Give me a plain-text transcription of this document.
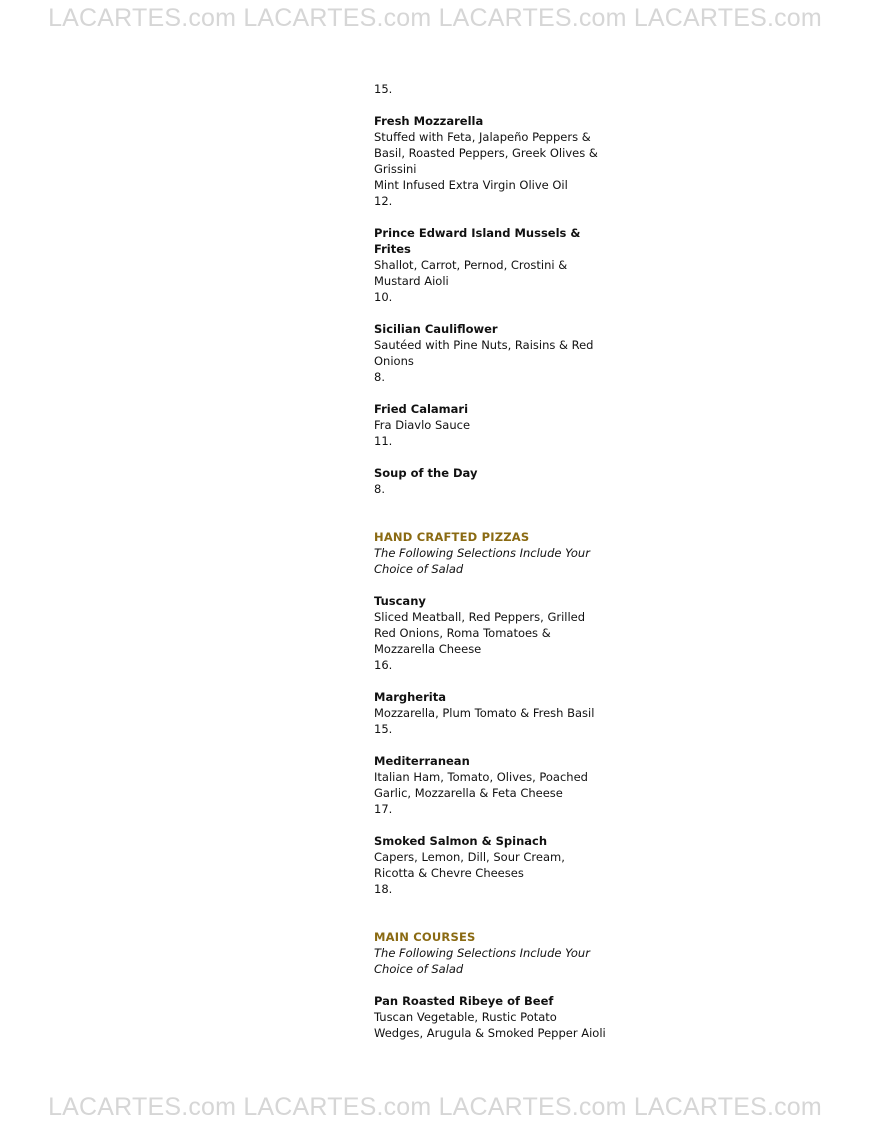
LACARTES.com LACARTES.com LACARTES.com LACARTES.com
15.
Fresh Mozzarella
Stuffed with Feta, Jalapeño Peppers &
Basil, Roasted Peppers, Greek Olives &
Grissini
Mint Infused Extra Virgin Olive Oil
12.
Prince Edward Island Mussels &
Frites
Shallot, Carrot, Pernod, Crostini &
Mustard Aioli
10.
Sicilian Cauliflower
Sautéed with Pine Nuts, Raisins & Red
Onions
8.
Fried Calamari
Fra Diavlo Sauce
11.
Soup of the Day
8.
HAND CRAFTED PIZZAS
The Following Selections Include Your
Choice of Salad
Tuscany
Sliced Meatball, Red Peppers, Grilled
Red Onions, Roma Tomatoes &
Mozzarella Cheese
16.
Margherita
Mozzarella, Plum Tomato & Fresh Basil
15.
Mediterranean
Italian Ham, Tomato, Olives, Poached
Garlic, Mozzarella & Feta Cheese
17.
Smoked Salmon & Spinach
Capers, Lemon, Dill, Sour Cream,
Ricotta & Chevre Cheeses
18.
MAIN COURSES
The Following Selections Include Your
Choice of Salad
Pan Roasted Ribeye of Beef
Tuscan Vegetable, Rustic Potato
Wedges, Arugula & Smoked Pepper Aioli
LACARTES.com LACARTES.com LACARTES.com LACARTES.com
